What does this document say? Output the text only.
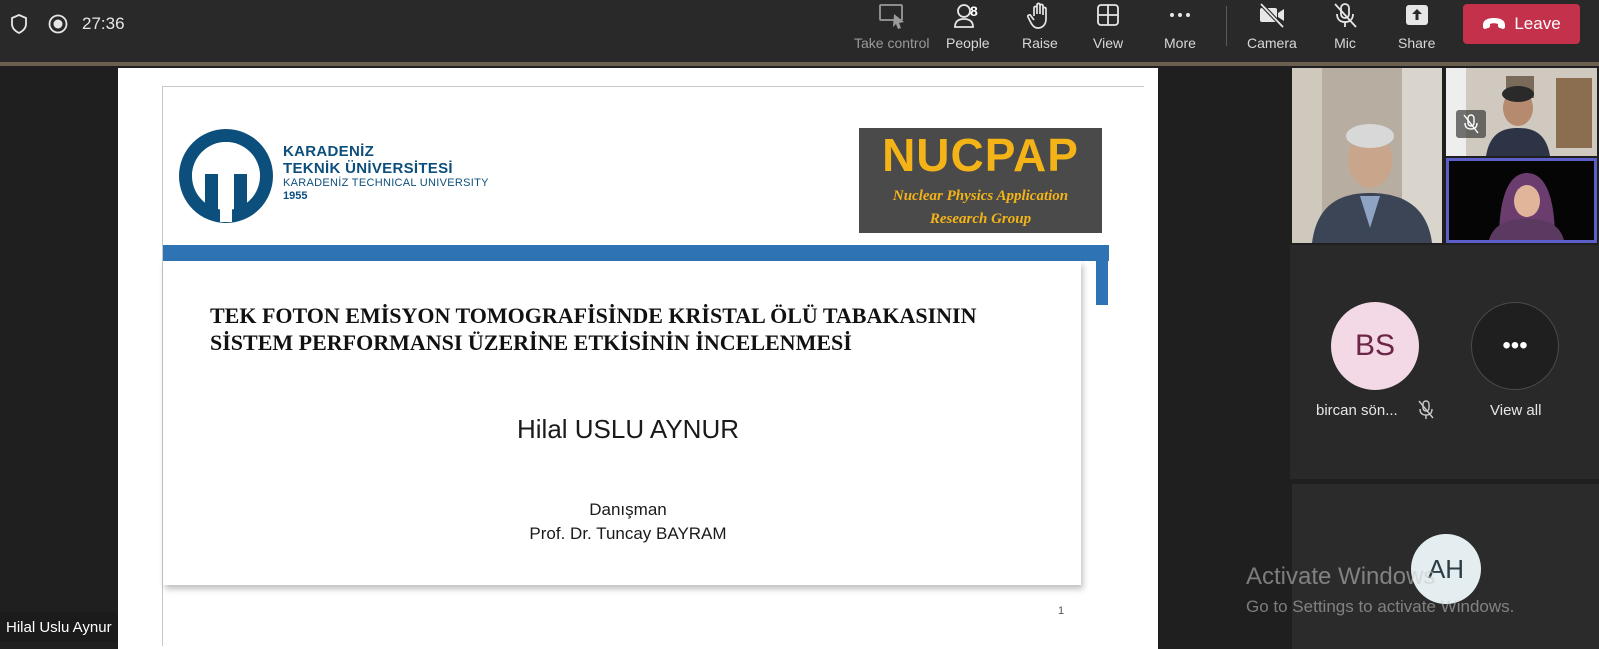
27:36
Take control
8
People Raise	View	More	Camera	Mic	Share
Leave
KARADENİZ
TEKNİK ÜNİVERSİTESİ
KARADENİZ TECHNICAL UNIVERSITY
1955
NUCPAP
Nuclear Physics Application
Research Group
TEK FOTON EMİSYON TOMOGRAFİSİNDE KRİSTAL ÖLÜ TABAKASININ
SİSTEM PERFORMANSI ÜZERİNE ETKİSİNİN İNCELENMESİ
Hilal USLU AYNUR
Danışman
Prof. Dr. Tuncay BAYRAM
1
Hilal Uslu Aynur
BS
bircan sön...
•••
View all
AH
Activate Windows
Go to Settings to activate Windows.
